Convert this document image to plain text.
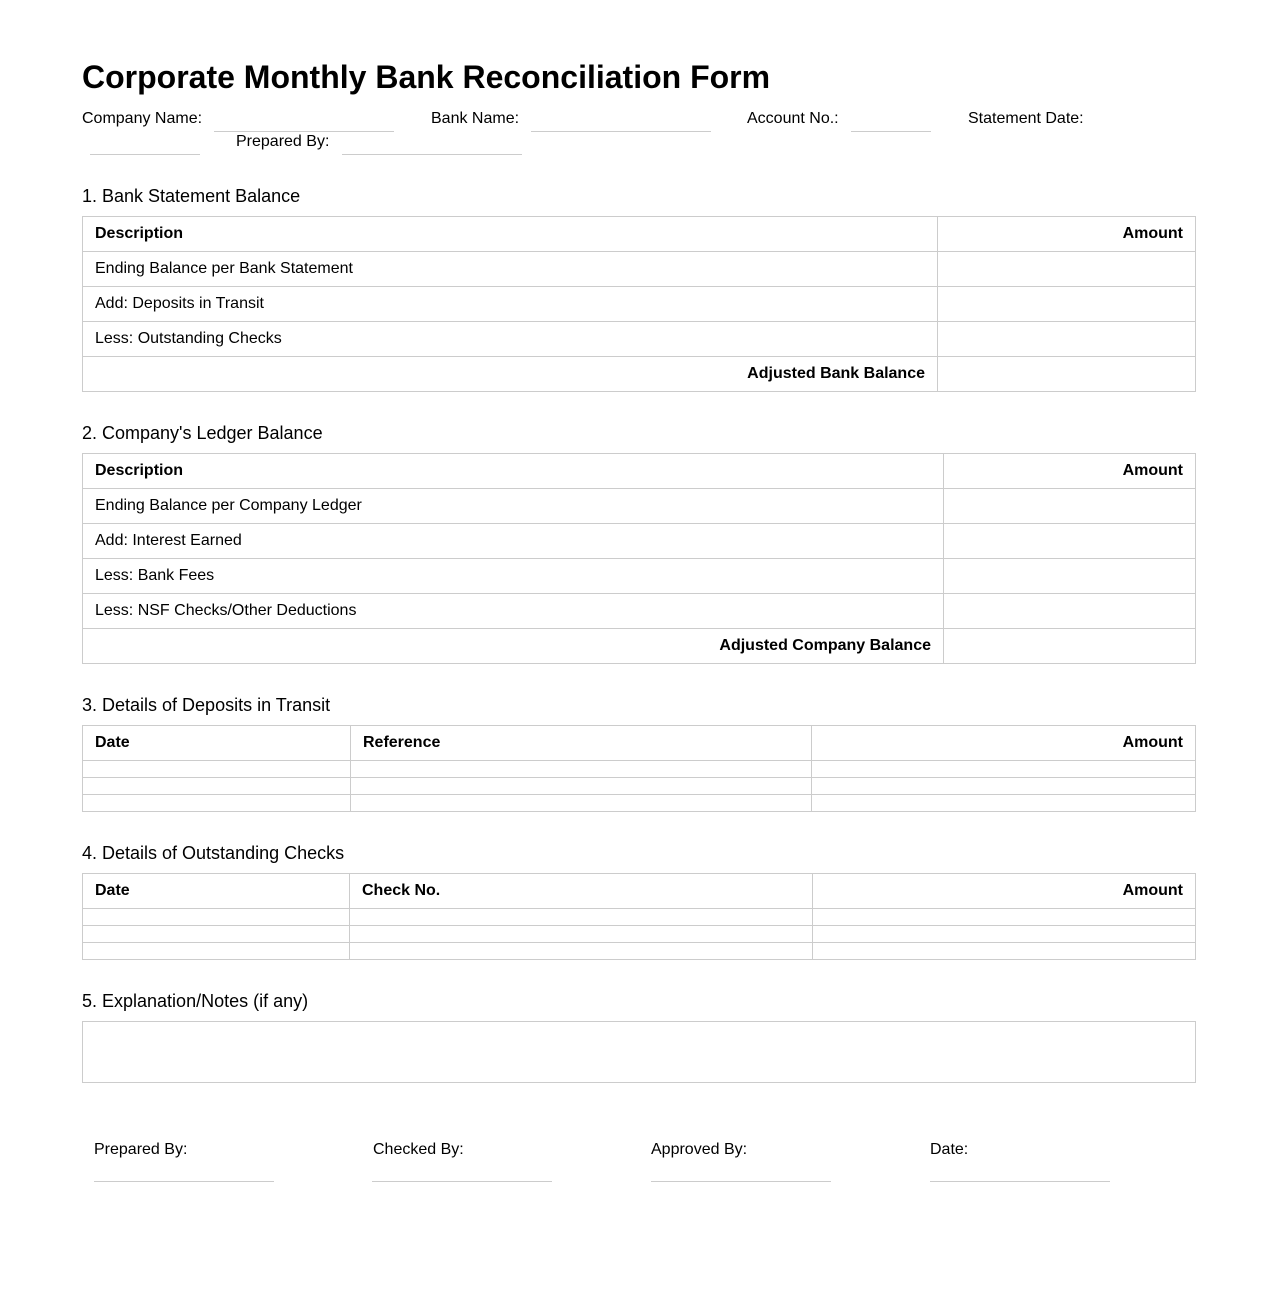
Corporate Monthly Bank Reconciliation Form
Company Name:	Bank Name:	Account No.:	Statement Date:
Prepared By:
1. Bank Statement Balance
Description	Amount
Ending Balance per Bank Statement	
Add: Deposits in Transit	
Less: Outstanding Checks	
Adjusted Bank Balance	
2. Company's Ledger Balance
Description	Amount
Ending Balance per Company Ledger	
Add: Interest Earned	
Less: Bank Fees	
Less: NSF Checks/Other Deductions	
Adjusted Company Balance	
3. Details of Deposits in Transit
Date	Reference	Amount

4. Details of Outstanding Checks
Date	Check No.	Amount

5. Explanation/Notes (if any)
Prepared By:	Checked By:	Approved By:	Date:
